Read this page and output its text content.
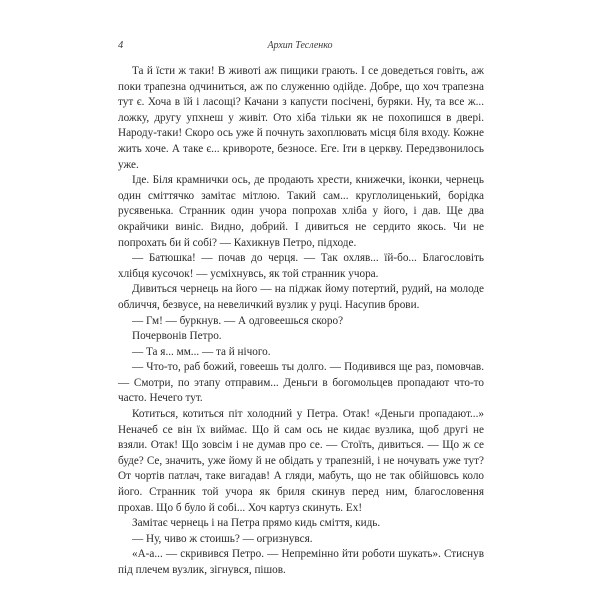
4	Архип Тесленко

Та й їсти ж таки! В животі аж пищики грають. І се доведеться говіть, аж поки трапезна одчиниться, аж по служенню одійде. Добре, що хоч трапезна тут є. Хоча в їй і ласощі? Качани з капусти посічені, буряки. Ну, та все ж... ложку, другу упхнеш у живіт. Ото хіба тільки як не похопишся в двері. Народу-таки! Скоро ось уже й почнуть захоплювать місця біля входу. Кожне жить хоче. А таке є... криворотe, безносе. Еге. Іти в церкву. Передзвонилось уже.

Іде. Біля крамнички ось, де продають хрести, книжечки, іконки, чернець один сміттячко замітає мітлою. Такий сам... круглолиценький, борідка русявенька. Странник один учора попрохав хліба у його, і дав. Ще два окрайчики виніс. Видно, добрий. І дивиться не сердито якось. Чи не попрохать би й собі? — Кахикнув Петро, підходе.

— Батюшка! — почав до черця. — Так охляв... їй-бо... Благословіть хлібця кусочок! — усміхнувсь, як той странник учора.

Дивиться чернець на його — на піджак йому потертий, рудий, на молоде обличчя, безвусе, на невеличкий вузлик у руці. Насупив брови.

— Гм! — буркнув. — А одговеешься скоро?

Почервонів Петро.

— Та я... мм... — та й нічого.

— Что-то, раб божий, говеешь ты долго. — Подивився ще раз, помовчав. — Смотри, по этапу отправим... Деньги в богомольцев пропадают что-то часто. Нечего тут.

Котиться, котиться піт холодний у Петра. Отак! «Деньги пропадают...» Неначеб се він їх виймає. Що й сам ось не кидає вузлика, щоб другі не взяли. Отак! Що зовсім і не думав про се. — Стоїть, дивиться. — Що ж се буде? Се, значить, уже йому й не обідать у трапезній, і не ночувать уже тут? От чортів патлач, таке вигадав! А гляди, мабуть, що не так обійшовсь коло його. Странник той учора як бриля скинув перед ним, благословення прохав. Що б було й собі... Хоч картуз скинуть. Ех!

Замітає чернець і на Петра прямо кидь сміття, кидь.

— Ну, чиво ж стоишь? — огризнувся.

«А-а... — скривився Петро. — Непремінно йти роботи шукать». Стиснув під плечем вузлик, зігнувся, пішов.
